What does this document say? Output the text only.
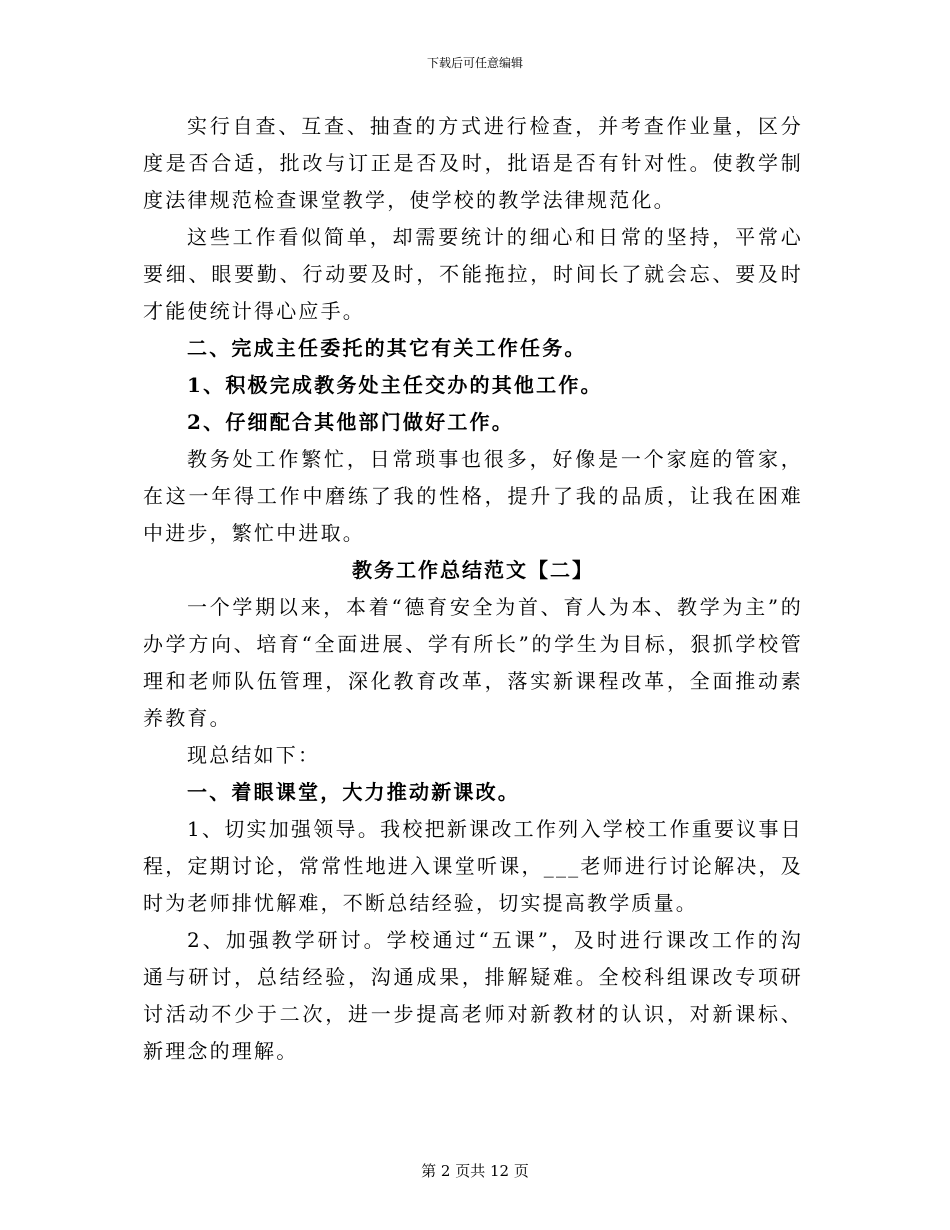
下载后可任意编辑

实行自查、互查、抽查的方式进行检查，并考查作业量，区分度是否合适，批改与订正是否及时，批语是否有针对性。使教学制度法律规范检查课堂教学，使学校的教学法律规范化。

这些工作看似简单，却需要统计的细心和日常的坚持，平常心要细、眼要勤、行动要及时，不能拖拉，时间长了就会忘、要及时才能使统计得心应手。

二、完成主任委托的其它有关工作任务。

1、积极完成教务处主任交办的其他工作。

2、仔细配合其他部门做好工作。

教务处工作繁忙，日常琐事也很多，好像是一个家庭的管家，在这一年得工作中磨练了我的性格，提升了我的品质，让我在困难中进步，繁忙中进取。

教务工作总结范文【二】

一个学期以来，本着“德育安全为首、育人为本、教学为主”的办学方向、培育“全面进展、学有所长”的学生为目标，狠抓学校管理和老师队伍管理，深化教育改革，落实新课程改革，全面推动素养教育。

现总结如下：

一、着眼课堂，大力推动新课改。

1、切实加强领导。我校把新课改工作列入学校工作重要议事日程，定期讨论，常常性地进入课堂听课，___老师进行讨论解决，及时为老师排忧解难，不断总结经验，切实提高教学质量。

2、加强教学研讨。学校通过“五课”，及时进行课改工作的沟通与研讨，总结经验，沟通成果，排解疑难。全校科组课改专项研讨活动不少于二次，进一步提高老师对新教材的认识，对新课标、新理念的理解。

第 2 页共 12 页
